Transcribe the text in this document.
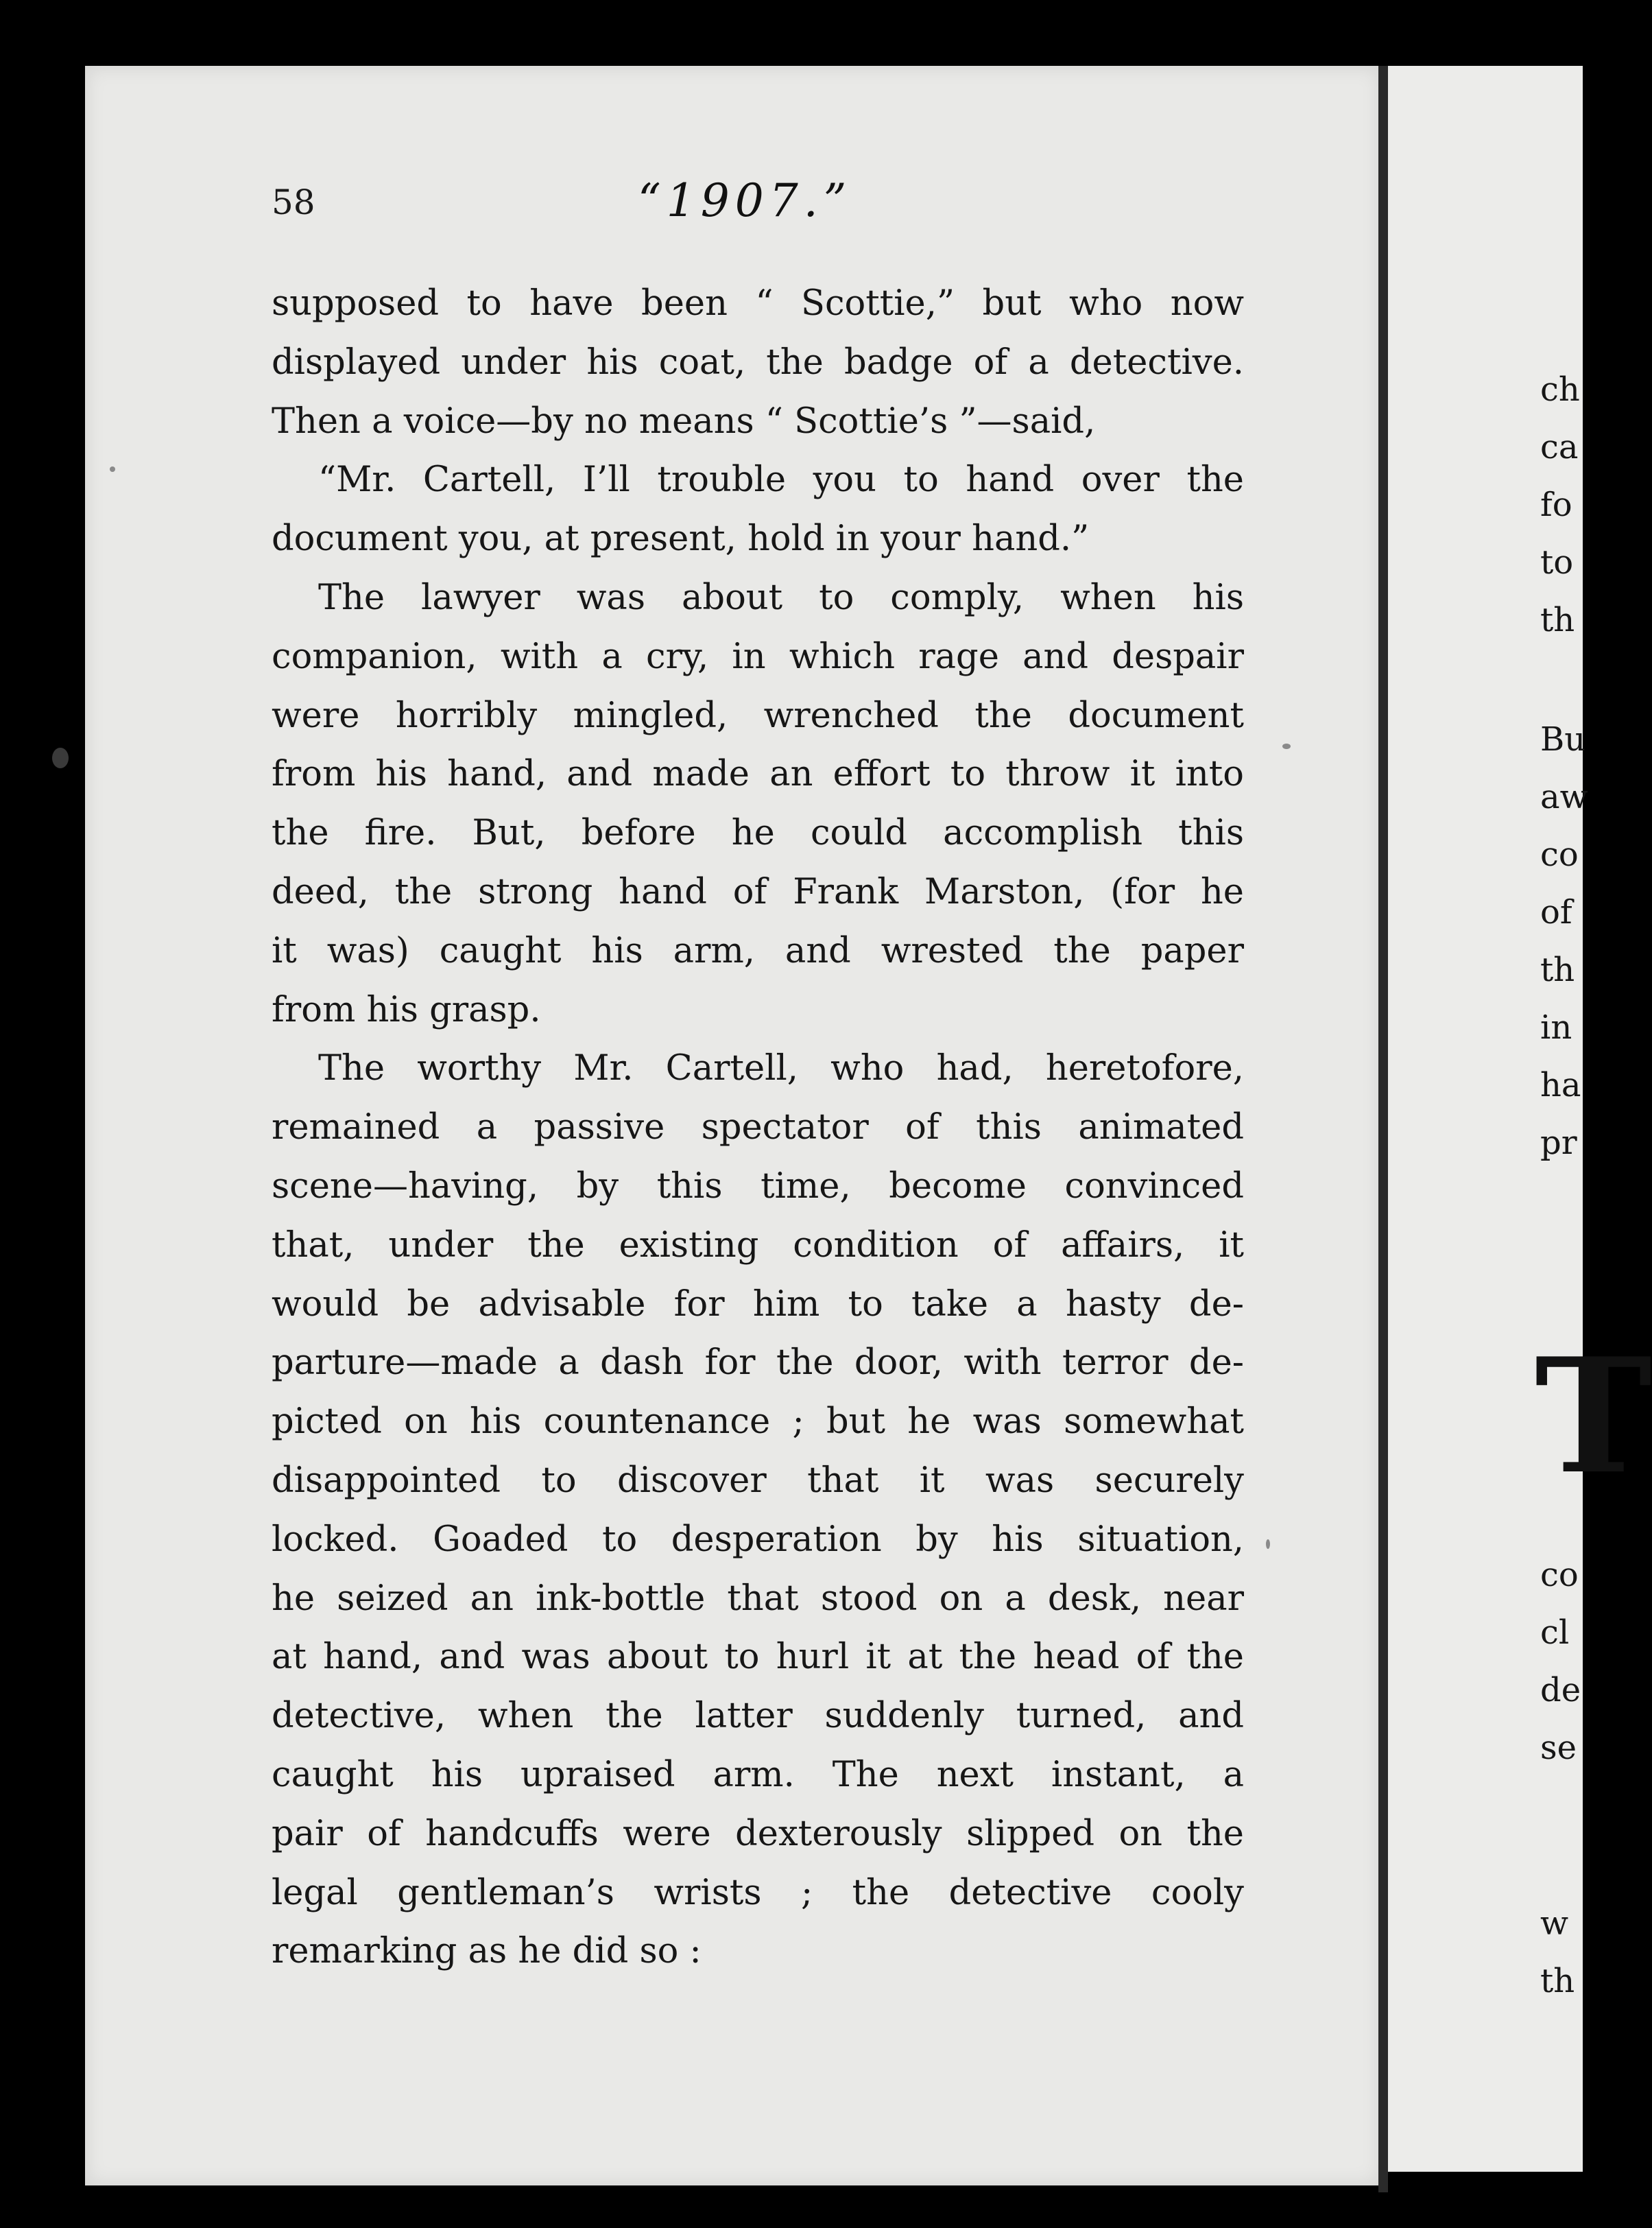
58	“1907.”
supposed to have been “ Scottie,” but who now
displayed under his coat, the badge of a detective.
Then a voice—by no means “ Scottie’s ”—said,
“Mr. Cartell, I’ll trouble you to hand over the
document you, at present, hold in your hand.”
The lawyer was about to comply, when his
companion, with a cry, in which rage and despair
were horribly mingled, wrenched the document
from his hand, and made an effort to throw it into
the fire. But, before he could accomplish this
deed, the strong hand of Frank Marston, (for he
it was) caught his arm, and wrested the paper
from his grasp.
The worthy Mr. Cartell, who had, heretofore,
remained a passive spectator of this animated
scene—having, by this time, become convinced
that, under the existing condition of affairs, it
would be advisable for him to take a hasty de-
parture—made a dash for the door, with terror de-
picted on his countenance ; but he was somewhat
disappointed to discover that it was securely
locked. Goaded to desperation by his situation,
he seized an ink-bottle that stood on a desk, near
at hand, and was about to hurl it at the head of the
detective, when the latter suddenly turned, and
caught his upraised arm. The next instant, a
pair of handcuffs were dexterously slipped on the
legal gentleman’s wrists ; the detective cooly
remarking as he did so :
ch
ca
fo
to
th
Bu
aw
co
of
th
in
ha
pr
T
co
cl
de
se
w
th
